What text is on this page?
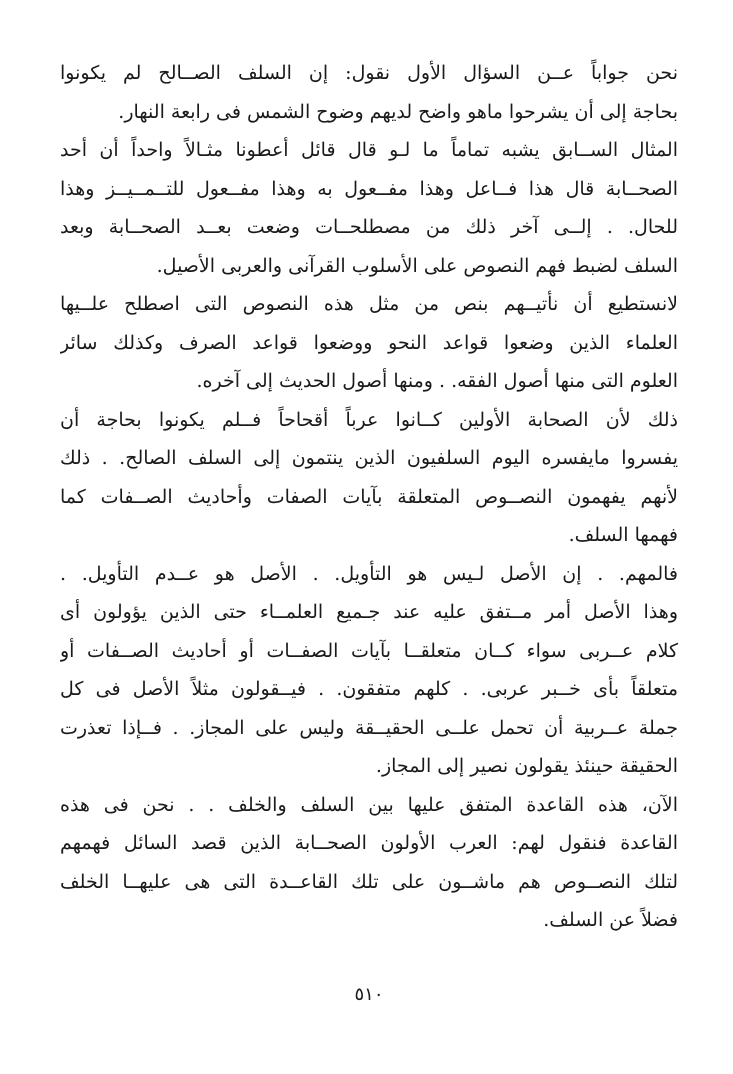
نحن جواباً عــن السؤال الأول نقول: إن السلف الصــالح لم يكونوا
بحاجة إلى أن يشرحوا ماهو واضح لديهم وضوح الشمس فى رابعة النهار.
المثال الســابق يشبه تماماً ما لـو قال قائل أعطونا مثـالاً واحداً أن أحد
الصحــابة قال هذا فــاعل وهذا مفــعول به وهذا مفــعول للتــمــيــز وهذا
للحال. . إلــى آخر ذلك من مصطلحــات وضعت بعــد الصحــابة وبعد
السلف لضبط فهم النصوص على الأسلوب القرآنى والعربى الأصيل.
لانستطيع أن نأتيــهم بنص من مثل هذه النصوص التى اصطلح علــيها
العلماء الذين وضعوا قواعد النحو ووضعوا قواعد الصرف وكذلك سائر
العلوم التى منها أصول الفقه. . ومنها أصول الحديث إلى آخره.
ذلك لأن الصحابة الأولين كــانوا عرباً أقحاحاً فــلم يكونوا بحاجة أن
يفسروا مايفسره اليوم السلفيون الذين ينتمون إلى السلف الصالح. . ذلك
لأنهم يفهمون النصــوص المتعلقة بآيات الصفات وأحاديث الصــفات كما
فهمها السلف.
فالمهم. . إن الأصل لـيس هو التأويل. . الأصل هو عــدم التأويل. .
وهذا الأصل أمر مــتفق عليه عند جـميع العلمــاء حتى الذين يؤولون أى
كلام عــربى سواء كــان متعلقــا بآيات الصفــات أو أحاديث الصــفات أو
متعلقاً بأى خــبر عربى. . كلهم متفقون. . فيــقولون مثلاً الأصل فى كل
جملة عــربية أن تحمل علــى الحقيــقة وليس على المجاز. . فــإذا تعذرت
الحقيقة حينئذ يقولون نصير إلى المجاز.
الآن، هذه القاعدة المتفق عليها بين السلف والخلف . . نحن فى هذه
القاعدة فنقول لهم: العرب الأولون الصحــابة الذين قصد السائل فهمهم
لتلك النصــوص هم ماشــون على تلك القاعــدة التى هى عليهــا الخلف
فضلاً عن السلف.
٥١٠
